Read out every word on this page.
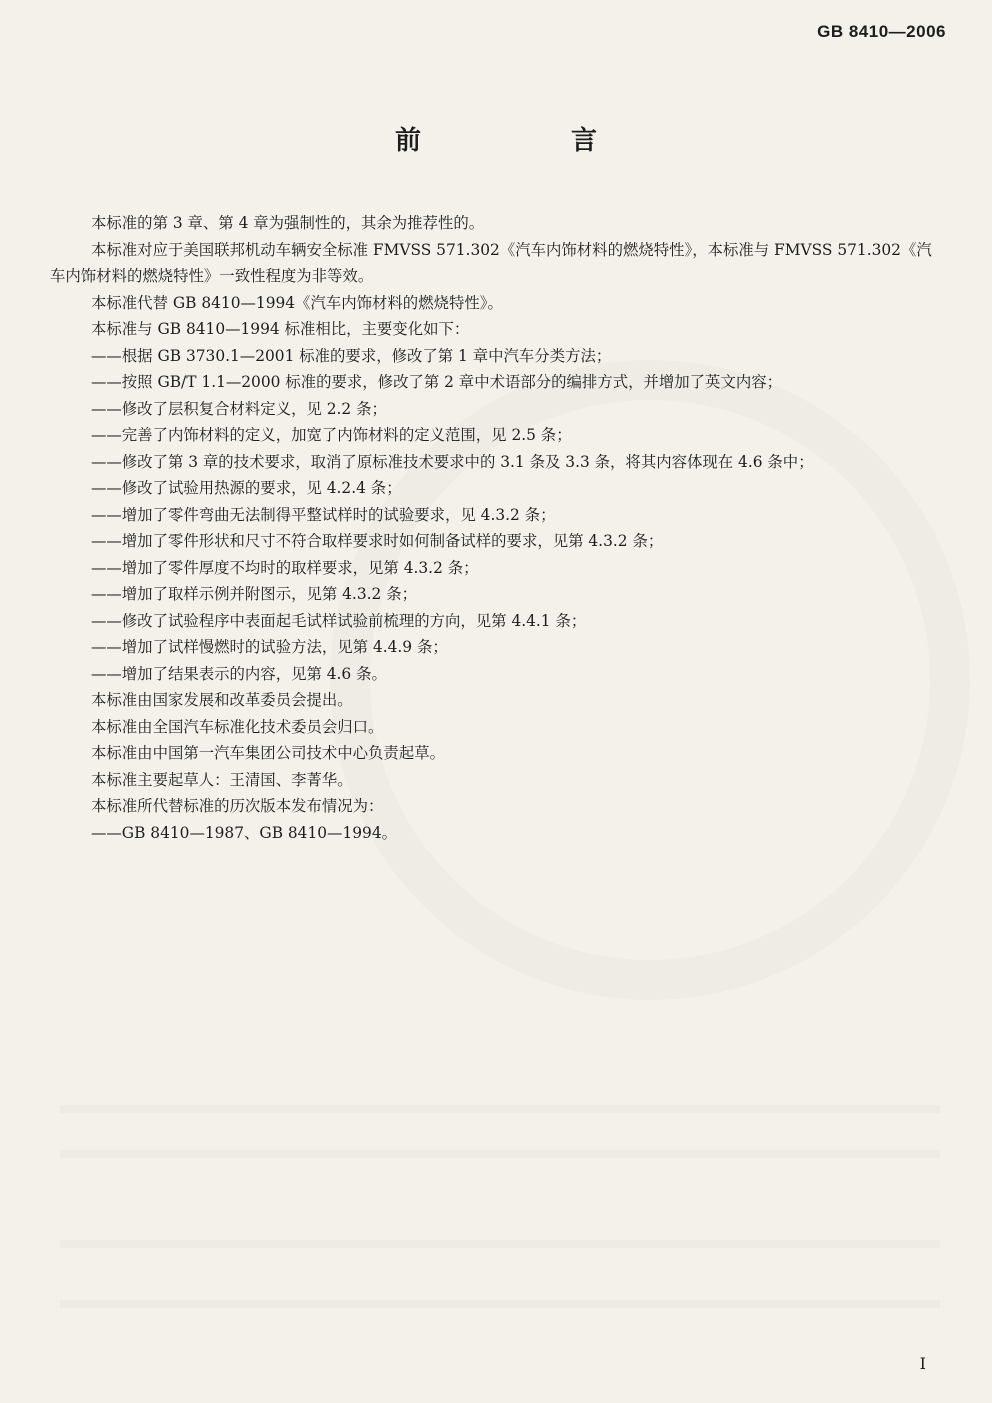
GB 8410—2006
前　言

本标准的第 3 章、第 4 章为强制性的，其余为推荐性的。

本标准对应于美国联邦机动车辆安全标准 FMVSS 571.302《汽车内饰材料的燃烧特性》，本标准与 FMVSS 571.302《汽车内饰材料的燃烧特性》一致性程度为非等效。

本标准代替 GB 8410—1994《汽车内饰材料的燃烧特性》。

本标准与 GB 8410—1994 标准相比，主要变化如下：

—— 根据 GB 3730.1—2001 标准的要求，修改了第 1 章中汽车分类方法；
—— 按照 GB/T 1.1—2000 标准的要求，修改了第 2 章中术语部分的编排方式，并增加了英文内容；
—— 修改了层积复合材料定义，见 2.2 条；
—— 完善了内饰材料的定义，加宽了内饰材料的定义范围，见 2.5 条；
—— 修改了第 3 章的技术要求，取消了原标准技术要求中的 3.1 条及 3.3 条，将其内容体现在 4.6 条中；
—— 修改了试验用热源的要求，见 4.2.4 条；
—— 增加了零件弯曲无法制得平整试样时的试验要求，见 4.3.2 条；
—— 增加了零件形状和尺寸不符合取样要求时如何制备试样的要求，见第 4.3.2 条；
—— 增加了零件厚度不均时的取样要求，见第 4.3.2 条；
—— 增加了取样示例并附图示，见第 4.3.2 条；
—— 修改了试验程序中表面起毛试样试验前梳理的方向，见第 4.4.1 条；
—— 增加了试样慢燃时的试验方法，见第 4.4.9 条；
—— 增加了结果表示的内容，见第 4.6 条。

本标准由国家发展和改革委员会提出。

本标准由全国汽车标准化技术委员会归口。

本标准由中国第一汽车集团公司技术中心负责起草。

本标准主要起草人：王清国、李菁华。

本标准所代替标准的历次版本发布情况为：

—— GB 8410—1987、GB 8410—1994。
I
